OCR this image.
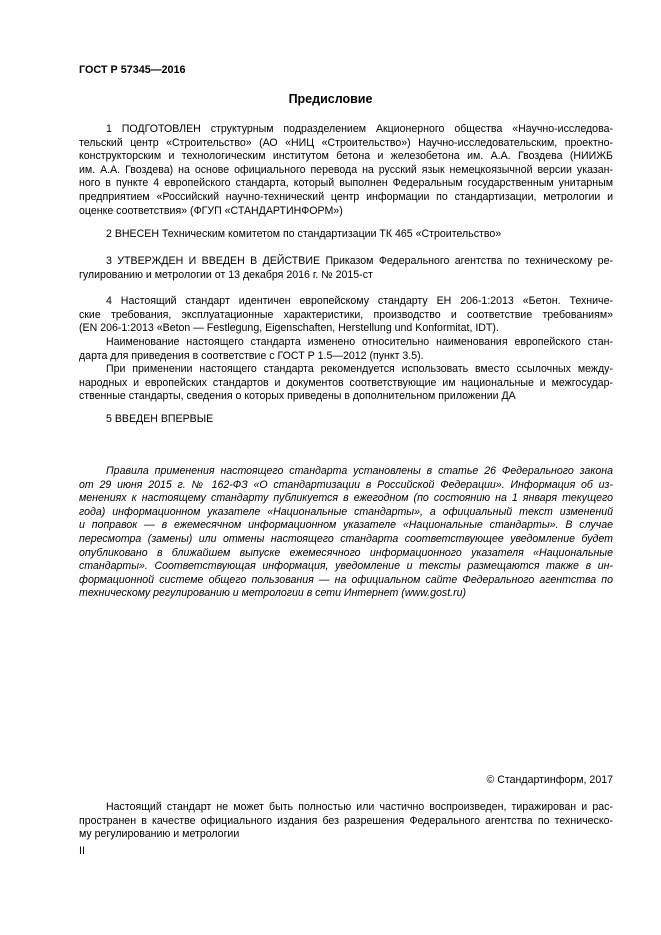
ГОСТ Р 57345—2016
Предисловие
1 ПОДГОТОВЛЕН структурным подразделением Акционерного общества «Научно-исследова-
тельский центр «Строительство» (АО «НИЦ «Строительство») Научно-исследовательским, проектно-
конструкторским и технологическим институтом бетона и железобетона им. А.А. Гвоздева (НИИЖБ
им. А.А. Гвоздева) на основе официального перевода на русский язык немецкоязычной версии указан-
ного в пункте 4 европейского стандарта, который выполнен Федеральным государственным унитарным
предприятием «Российский научно-технический центр информации по стандартизации, метрологии и
оценке соответствия» (ФГУП «СТАНДАРТИНФОРМ»)
2 ВНЕСЕН Техническим комитетом по стандартизации ТК 465 «Строительство»
3 УТВЕРЖДЕН И ВВЕДЕН В ДЕЙСТВИЕ Приказом Федерального агентства по техническому ре-
гулированию и метрологии от 13 декабря 2016 г. № 2015-ст
4 Настоящий стандарт идентичен европейскому стандарту ЕН 206-1:2013 «Бетон. Техниче-
ские требования, эксплуатационные характеристики, производство и соответствие требованиям»
(EN 206-1:2013 «Beton — Festlegung, Eigenschaften, Herstellung und Konformitat, IDT).
Наименование настоящего стандарта изменено относительно наименования европейского стан-
дарта для приведения в соответствие с ГОСТ Р 1.5—2012 (пункт 3.5).
При применении настоящего стандарта рекомендуется использовать вместо ссылочных между-
народных и европейских стандартов и документов соответствующие им национальные и межгосудар-
ственные стандарты, сведения о которых приведены в дополнительном приложении ДА
5 ВВЕДЕН ВПЕРВЫЕ
Правила применения настоящего стандарта установлены в статье 26 Федерального закона
от 29 июня 2015 г. № 162-ФЗ «О стандартизации в Российской Федерации». Информация об из-
менениях к настоящему стандарту публикуется в ежегодном (по состоянию на 1 января текущего
года) информационном указателе «Национальные стандарты», а официальный текст изменений
и поправок — в ежемесячном информационном указателе «Национальные стандарты». В случае
пересмотра (замены) или отмены настоящего стандарта соответствующее уведомление будет
опубликовано в ближайшем выпуске ежемесячного информационного указателя «Национальные
стандарты». Соответствующая информация, уведомление и тексты размещаются также в ин-
формационной системе общего пользования — на официальном сайте Федерального агентства по
техническому регулированию и метрологии в сети Интернет (www.gost.ru)
© Стандартинформ, 2017
Настоящий стандарт не может быть полностью или частично воспроизведен, тиражирован и рас-
пространен в качестве официального издания без разрешения Федерального агентства по техническо-
му регулированию и метрологии
II
